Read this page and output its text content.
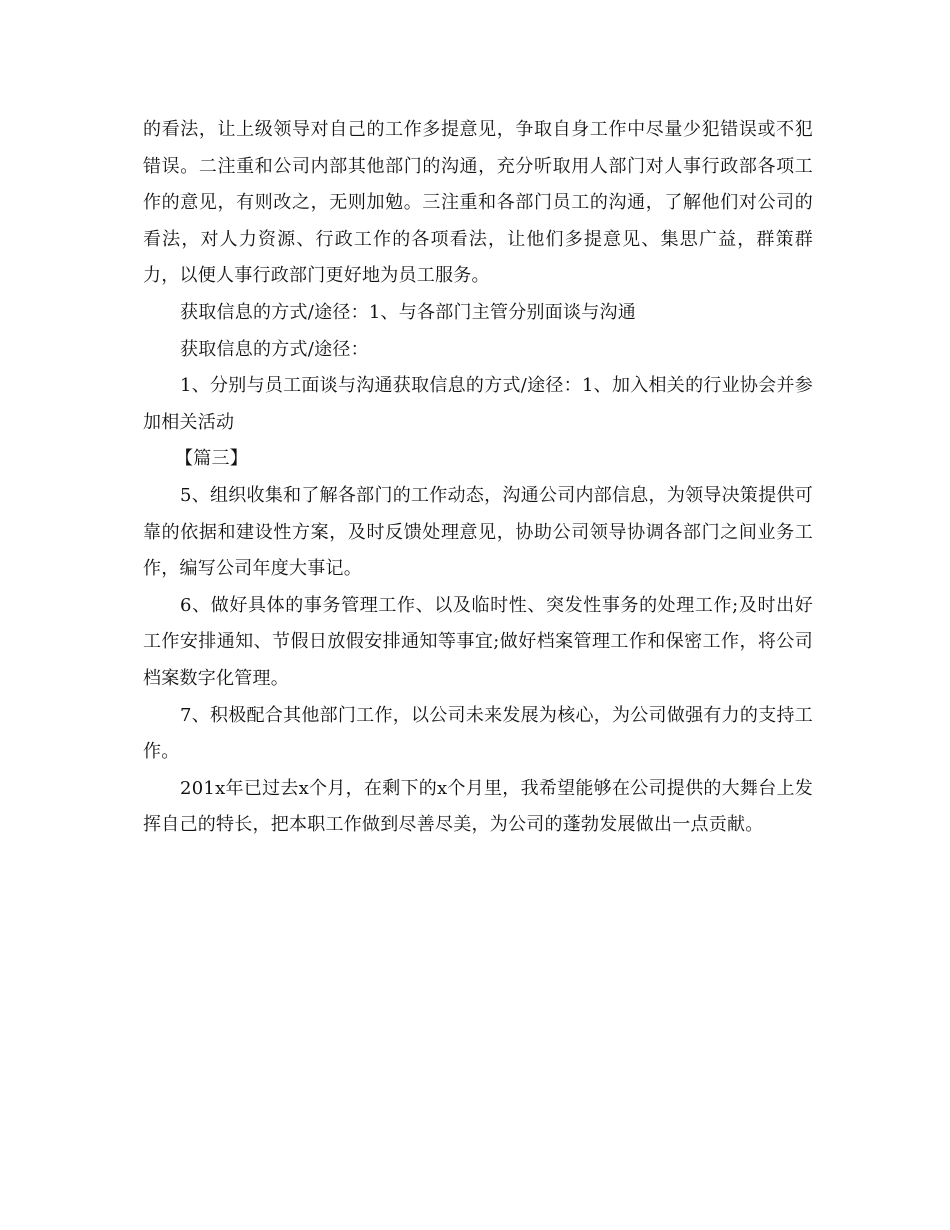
的看法，让上级领导对自己的工作多提意见，争取自身工作中尽量少犯错误或不犯错误。二注重和公司内部其他部门的沟通，充分听取用人部门对人事行政部各项工作的意见，有则改之，无则加勉。三注重和各部门员工的沟通，了解他们对公司的看法，对人力资源、行政工作的各项看法，让他们多提意见、集思广益，群策群力，以便人事行政部门更好地为员工服务。

获取信息的方式/途径：1、与各部门主管分别面谈与沟通

获取信息的方式/途径：

1、分别与员工面谈与沟通获取信息的方式/途径：1、加入相关的行业协会并参加相关活动

【篇三】

5、组织收集和了解各部门的工作动态，沟通公司内部信息，为领导决策提供可靠的依据和建设性方案，及时反馈处理意见，协助公司领导协调各部门之间业务工作，编写公司年度大事记。

6、做好具体的事务管理工作、以及临时性、突发性事务的处理工作;及时出好工作安排通知、节假日放假安排通知等事宜;做好档案管理工作和保密工作，将公司档案数字化管理。

7、积极配合其他部门工作，以公司未来发展为核心，为公司做强有力的支持工作。

201x年已过去x个月，在剩下的x个月里，我希望能够在公司提供的大舞台上发挥自己的特长，把本职工作做到尽善尽美，为公司的蓬勃发展做出一点贡献。
